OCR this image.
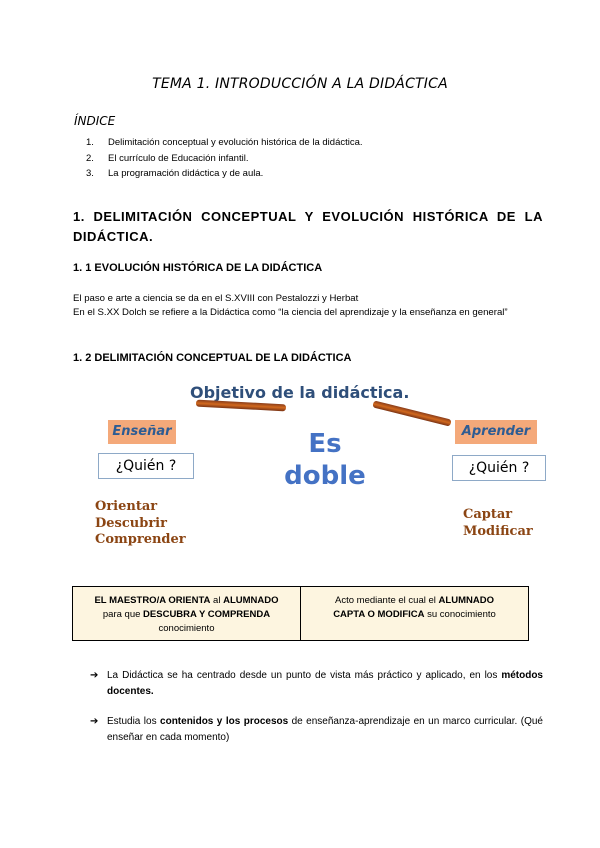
TEMA 1. INTRODUCCIÓN A LA DIDÁCTICA
ÍNDICE
1. Delimitación conceptual y evolución histórica de la didáctica.
2. El currículo de Educación infantil.
3. La programación didáctica y de aula.
1. DELIMITACIÓN CONCEPTUAL Y EVOLUCIÓN HISTÓRICA DE LA DIDÁCTICA.
1. 1 EVOLUCIÓN HISTÓRICA DE LA DIDÁCTICA
El paso e arte a ciencia se da en el S.XVIII con Pestalozzi y Herbat
En el S.XX Dolch se refiere a la Didáctica como “la ciencia del aprendizaje y la enseñanza en general”
1. 2 DELIMITACIÓN CONCEPTUAL DE LA DIDÁCTICA
Objetivo de la didáctica.
Enseñar	Aprender
¿Quién ?	¿Quién ?
Es
doble
Orientar
Descubrir
Comprender
Captar
Modificar
EL MAESTRO/A ORIENTA al ALUMNADO
para que DESCUBRA Y COMPRENDA
conocimiento
Acto mediante el cual el ALUMNADO
CAPTA O MODIFICA su conocimiento
➔ La Didáctica se ha centrado desde un punto de vista más práctico y aplicado, en los métodos docentes.
➔ Estudia los contenidos y los procesos de enseñanza-aprendizaje en un marco curricular. (Qué enseñar en cada momento)
